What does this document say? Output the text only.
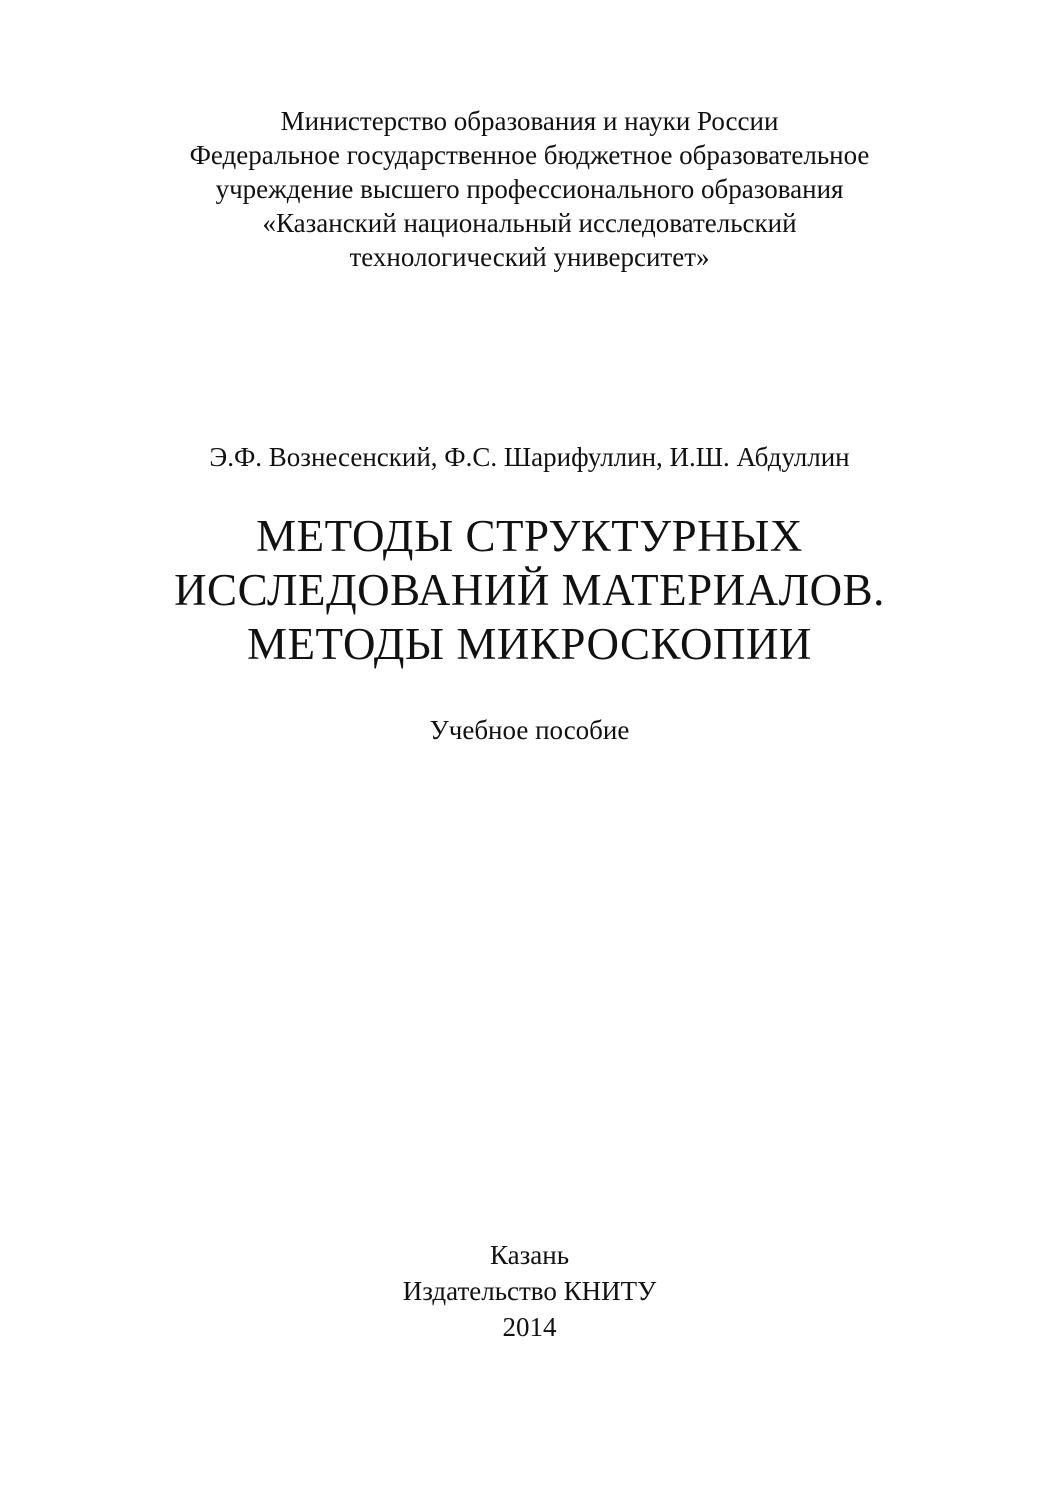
Министерство образования и науки России
Федеральное государственное бюджетное образовательное
учреждение высшего профессионального образования
«Казанский национальный исследовательский
технологический университет»
Э.Ф. Вознесенский, Ф.С. Шарифуллин, И.Ш. Абдуллин
МЕТОДЫ СТРУКТУРНЫХ
ИССЛЕДОВАНИЙ МАТЕРИАЛОВ.
МЕТОДЫ МИКРОСКОПИИ
Учебное пособие
Казань
Издательство КНИТУ
2014
